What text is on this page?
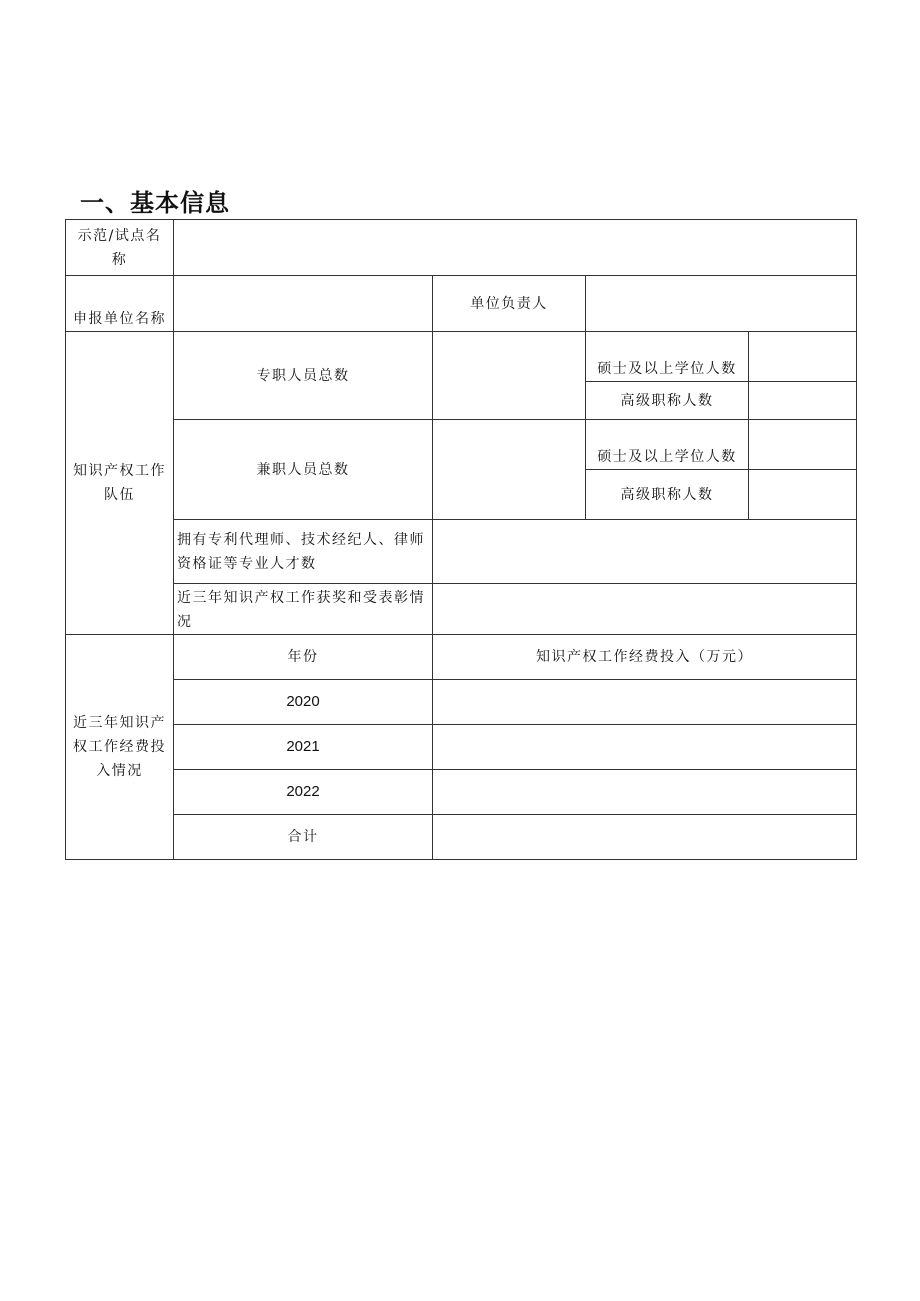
一、基本信息
示范/试点名称				
申报单位名称		单位负责人		
知识产权工作队伍	专职人员总数		硕士及以上学位人数	
			高级职称人数	
	兼职人员总数		硕士及以上学位人数	
			高级职称人数	
	拥有专利代理师、技术经纪人、律师资格证等专业人才数			
	近三年知识产权工作获奖和受表彰情况			
近三年知识产权工作经费投入情况	年份	知识产权工作经费投入（万元）		
	2020			
	2021			
	2022			
	合计			
